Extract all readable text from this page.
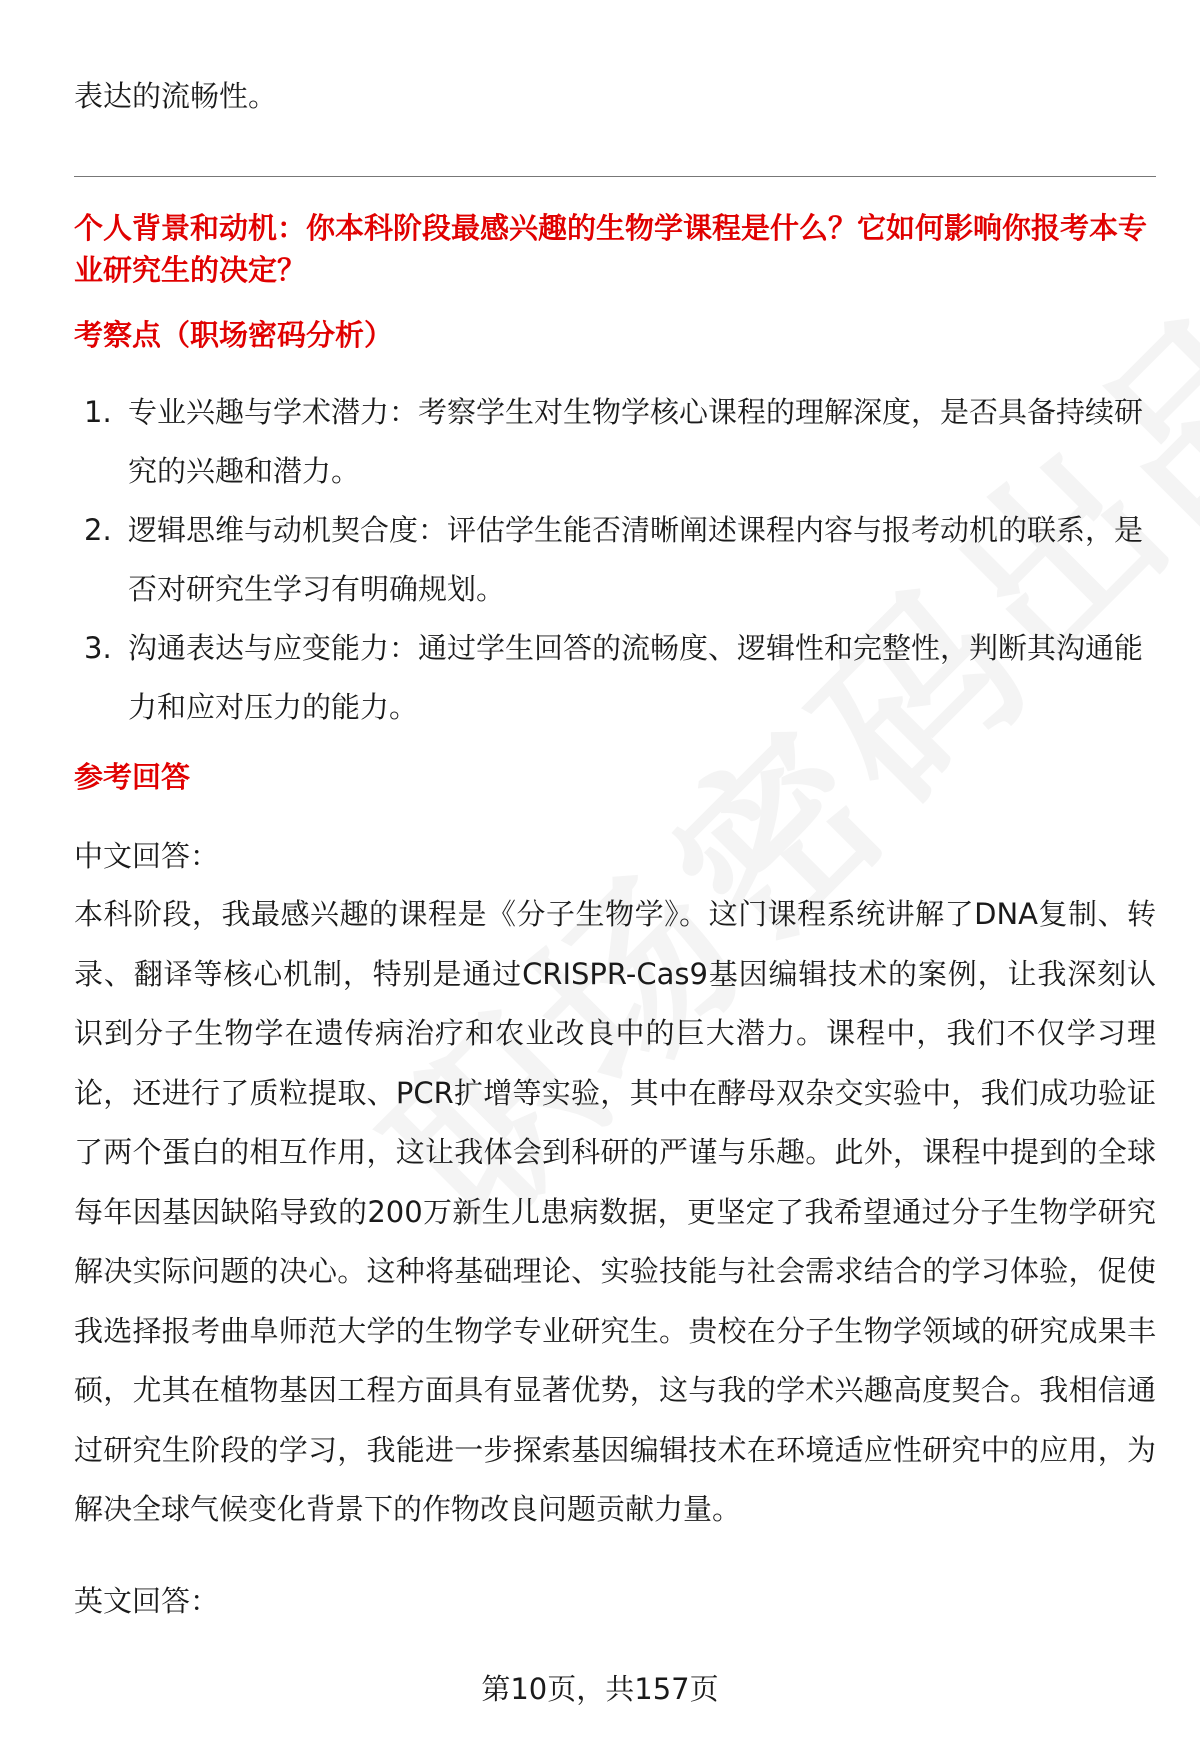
表达的流畅性。

个人背景和动机：你本科阶段最感兴趣的生物学课程是什么？它如何影响你报考本专业研究生的决定？

考察点（职场密码分析）

1. 专业兴趣与学术潜力：考察学生对生物学核心课程的理解深度，是否具备持续研究的兴趣和潜力。
2. 逻辑思维与动机契合度：评估学生能否清晰阐述课程内容与报考动机的联系，是否对研究生学习有明确规划。
3. 沟通表达与应变能力：通过学生回答的流畅度、逻辑性和完整性，判断其沟通能力和应对压力的能力。

参考回答

中文回答：

本科阶段，我最感兴趣的课程是《分子生物学》。这门课程系统讲解了DNA复制、转录、翻译等核心机制，特别是通过CRISPR-Cas9基因编辑技术的案例，让我深刻认识到分子生物学在遗传病治疗和农业改良中的巨大潜力。课程中，我们不仅学习理论，还进行了质粒提取、PCR扩增等实验，其中在酵母双杂交实验中，我们成功验证了两个蛋白的相互作用，这让我体会到科研的严谨与乐趣。此外，课程中提到的全球每年因基因缺陷导致的200万新生儿患病数据，更坚定了我希望通过分子生物学研究解决实际问题的决心。这种将基础理论、实验技能与社会需求结合的学习体验，促使我选择报考曲阜师范大学的生物学专业研究生。贵校在分子生物学领域的研究成果丰硕，尤其在植物基因工程方面具有显著优势，这与我的学术兴趣高度契合。我相信通过研究生阶段的学习，我能进一步探索基因编辑技术在环境适应性研究中的应用，为解决全球气候变化背景下的作物改良问题贡献力量。

英文回答：

第10页，共157页
